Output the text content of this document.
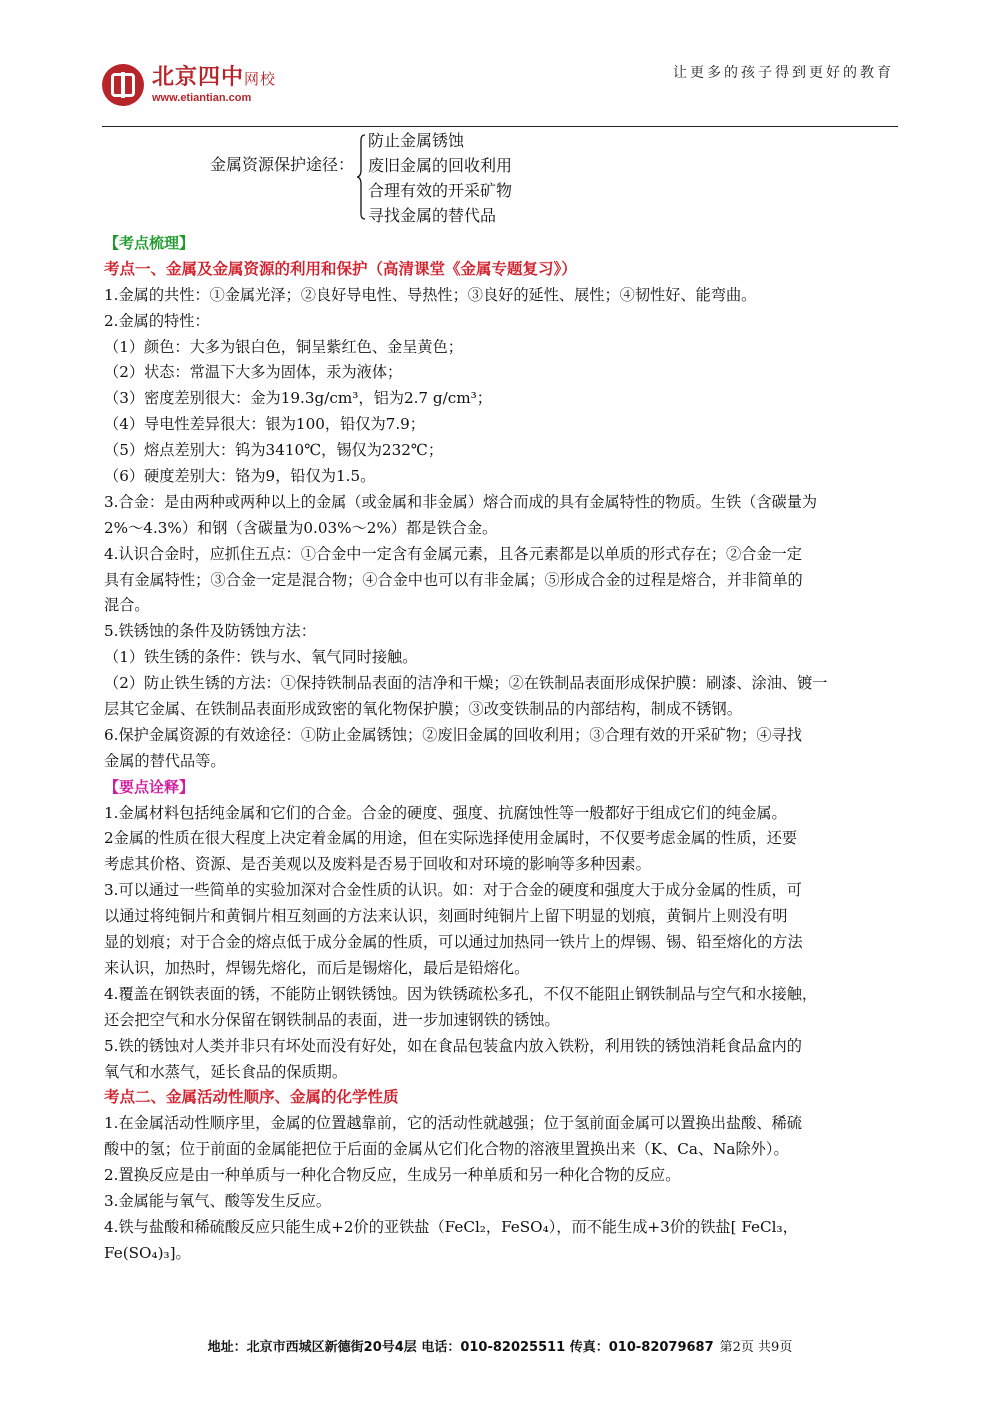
北京四中网校
www.etiantian.com
让更多的孩子得到更好的教育
金属资源保护途径：
防止金属锈蚀
废旧金属的回收利用
合理有效的开采矿物
寻找金属的替代品
【考点梳理】
考点一、金属及金属资源的利用和保护（高清课堂《金属专题复习》）
1.金属的共性：①金属光泽；②良好导电性、导热性；③良好的延性、展性；④韧性好、能弯曲。
2.金属的特性：
（1）颜色：大多为银白色，铜呈紫红色、金呈黄色；
（2）状态：常温下大多为固体，汞为液体；
（3）密度差别很大：金为19.3g/cm³，铝为2.7 g/cm³；
（4）导电性差异很大：银为100，铅仅为7.9；
（5）熔点差别大：钨为3410℃，锡仅为232℃；
（6）硬度差别大：铬为9，铅仅为1.5。
3.合金：是由两种或两种以上的金属（或金属和非金属）熔合而成的具有金属特性的物质。生铁（含碳量为
2%～4.3%）和钢（含碳量为0.03%～2%）都是铁合金。
4.认识合金时，应抓住五点：①合金中一定含有金属元素，且各元素都是以单质的形式存在；②合金一定
具有金属特性；③合金一定是混合物；④合金中也可以有非金属；⑤形成合金的过程是熔合，并非简单的
混合。
5.铁锈蚀的条件及防锈蚀方法：
（1）铁生锈的条件：铁与水、氧气同时接触。
（2）防止铁生锈的方法：①保持铁制品表面的洁净和干燥；②在铁制品表面形成保护膜：刷漆、涂油、镀一
层其它金属、在铁制品表面形成致密的氧化物保护膜；③改变铁制品的内部结构，制成不锈钢。
6.保护金属资源的有效途径：①防止金属锈蚀；②废旧金属的回收利用；③合理有效的开采矿物；④寻找
金属的替代品等。
【要点诠释】
1.金属材料包括纯金属和它们的合金。合金的硬度、强度、抗腐蚀性等一般都好于组成它们的纯金属。
2金属的性质在很大程度上决定着金属的用途，但在实际选择使用金属时，不仅要考虑金属的性质，还要
考虑其价格、资源、是否美观以及废料是否易于回收和对环境的影响等多种因素。
3.可以通过一些简单的实验加深对合金性质的认识。如：对于合金的硬度和强度大于成分金属的性质，可
以通过将纯铜片和黄铜片相互刻画的方法来认识，刻画时纯铜片上留下明显的划痕，黄铜片上则没有明
显的划痕；对于合金的熔点低于成分金属的性质，可以通过加热同一铁片上的焊锡、锡、铅至熔化的方法
来认识，加热时，焊锡先熔化，而后是锡熔化，最后是铅熔化。
4.覆盖在钢铁表面的锈，不能防止钢铁锈蚀。因为铁锈疏松多孔，不仅不能阻止钢铁制品与空气和水接触，
还会把空气和水分保留在钢铁制品的表面，进一步加速钢铁的锈蚀。
5.铁的锈蚀对人类并非只有坏处而没有好处，如在食品包装盒内放入铁粉，利用铁的锈蚀消耗食品盒内的
氧气和水蒸气，延长食品的保质期。
考点二、金属活动性顺序、金属的化学性质
1.在金属活动性顺序里，金属的位置越靠前，它的活动性就越强；位于氢前面金属可以置换出盐酸、稀硫
酸中的氢；位于前面的金属能把位于后面的金属从它们化合物的溶液里置换出来（K、Ca、Na除外）。
2.置换反应是由一种单质与一种化合物反应，生成另一种单质和另一种化合物的反应。
3.金属能与氧气、酸等发生反应。
4.铁与盐酸和稀硫酸反应只能生成+2价的亚铁盐（FeCl₂，FeSO₄），而不能生成+3价的铁盐[ FeCl₃，
Fe(SO₄)₃]。
地址：北京市西城区新德街20号4层 电话：010-82025511 传真：010-82079687 第2页 共9页
